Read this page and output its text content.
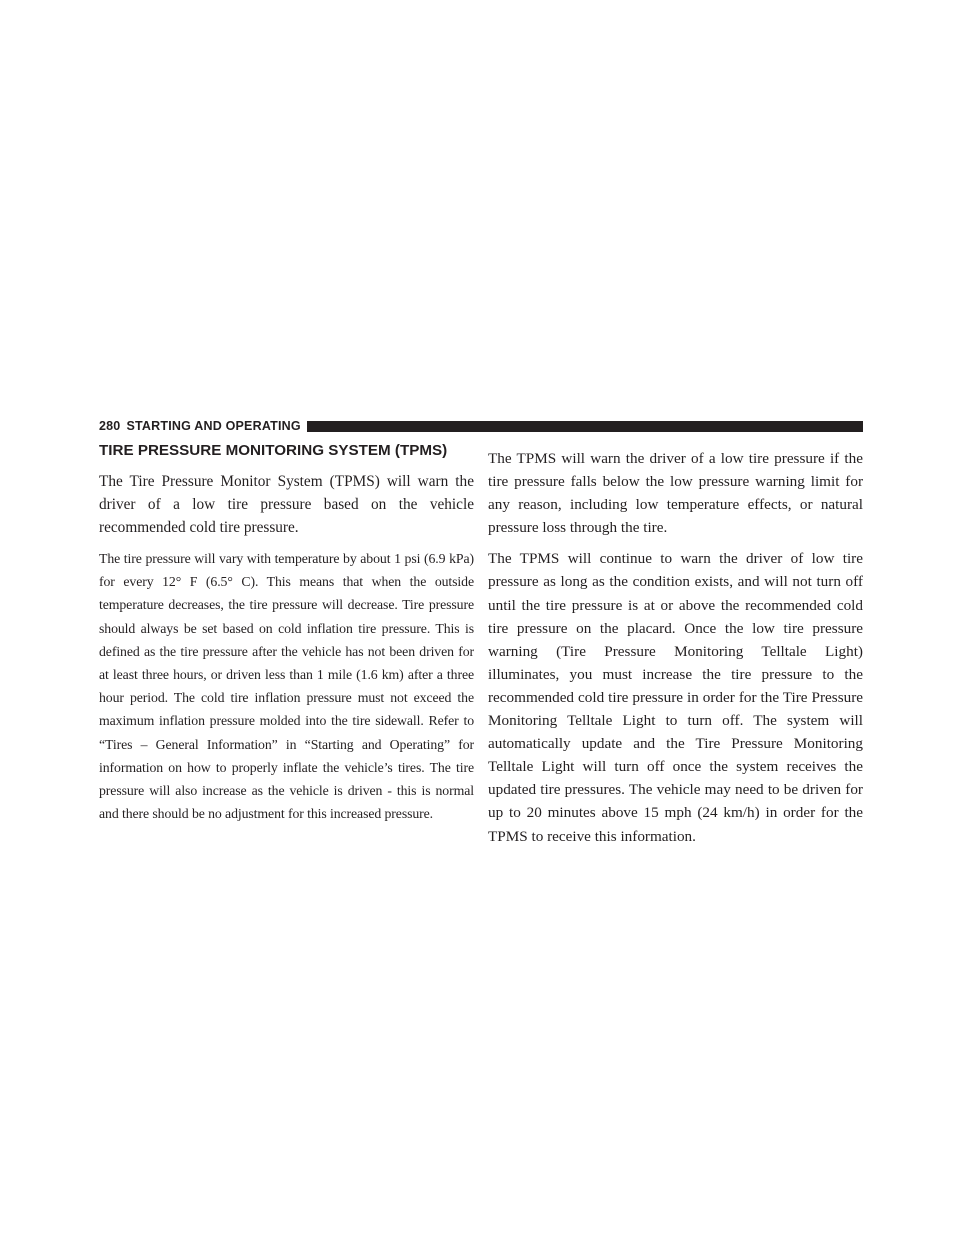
280 STARTING AND OPERATING
TIRE PRESSURE MONITORING SYSTEM (TPMS)

The Tire Pressure Monitor System (TPMS) will warn the driver of a low tire pressure based on the vehicle recommended cold tire pressure.

The tire pressure will vary with temperature by about 1 psi (6.9 kPa) for every 12° F (6.5° C). This means that when the outside temperature decreases, the tire pressure will decrease. Tire pressure should always be set based on cold inflation tire pressure. This is defined as the tire pressure after the vehicle has not been driven for at least three hours, or driven less than 1 mile (1.6 km) after a three hour period. The cold tire inflation pressure must not exceed the maximum inflation pressure molded into the tire sidewall. Refer to “Tires – General Information” in “Starting and Operating” for information on how to properly inflate the vehicle’s tires. The tire pressure will also increase as the vehicle is driven - this is normal and there should be no adjustment for this increased pressure.

The TPMS will warn the driver of a low tire pressure if the tire pressure falls below the low pressure warning limit for any reason, including low temperature effects, or natural pressure loss through the tire.

The TPMS will continue to warn the driver of low tire pressure as long as the condition exists, and will not turn off until the tire pressure is at or above the recommended cold tire pressure on the placard. Once the low tire pressure warning (Tire Pressure Monitoring Telltale Light) illuminates, you must increase the tire pressure to the recommended cold tire pressure in order for the Tire Pressure Monitoring Telltale Light to turn off. The system will automatically update and the Tire Pressure Monitoring Telltale Light will turn off once the system receives the updated tire pressures. The vehicle may need to be driven for up to 20 minutes above 15 mph (24 km/h) in order for the TPMS to receive this information.
